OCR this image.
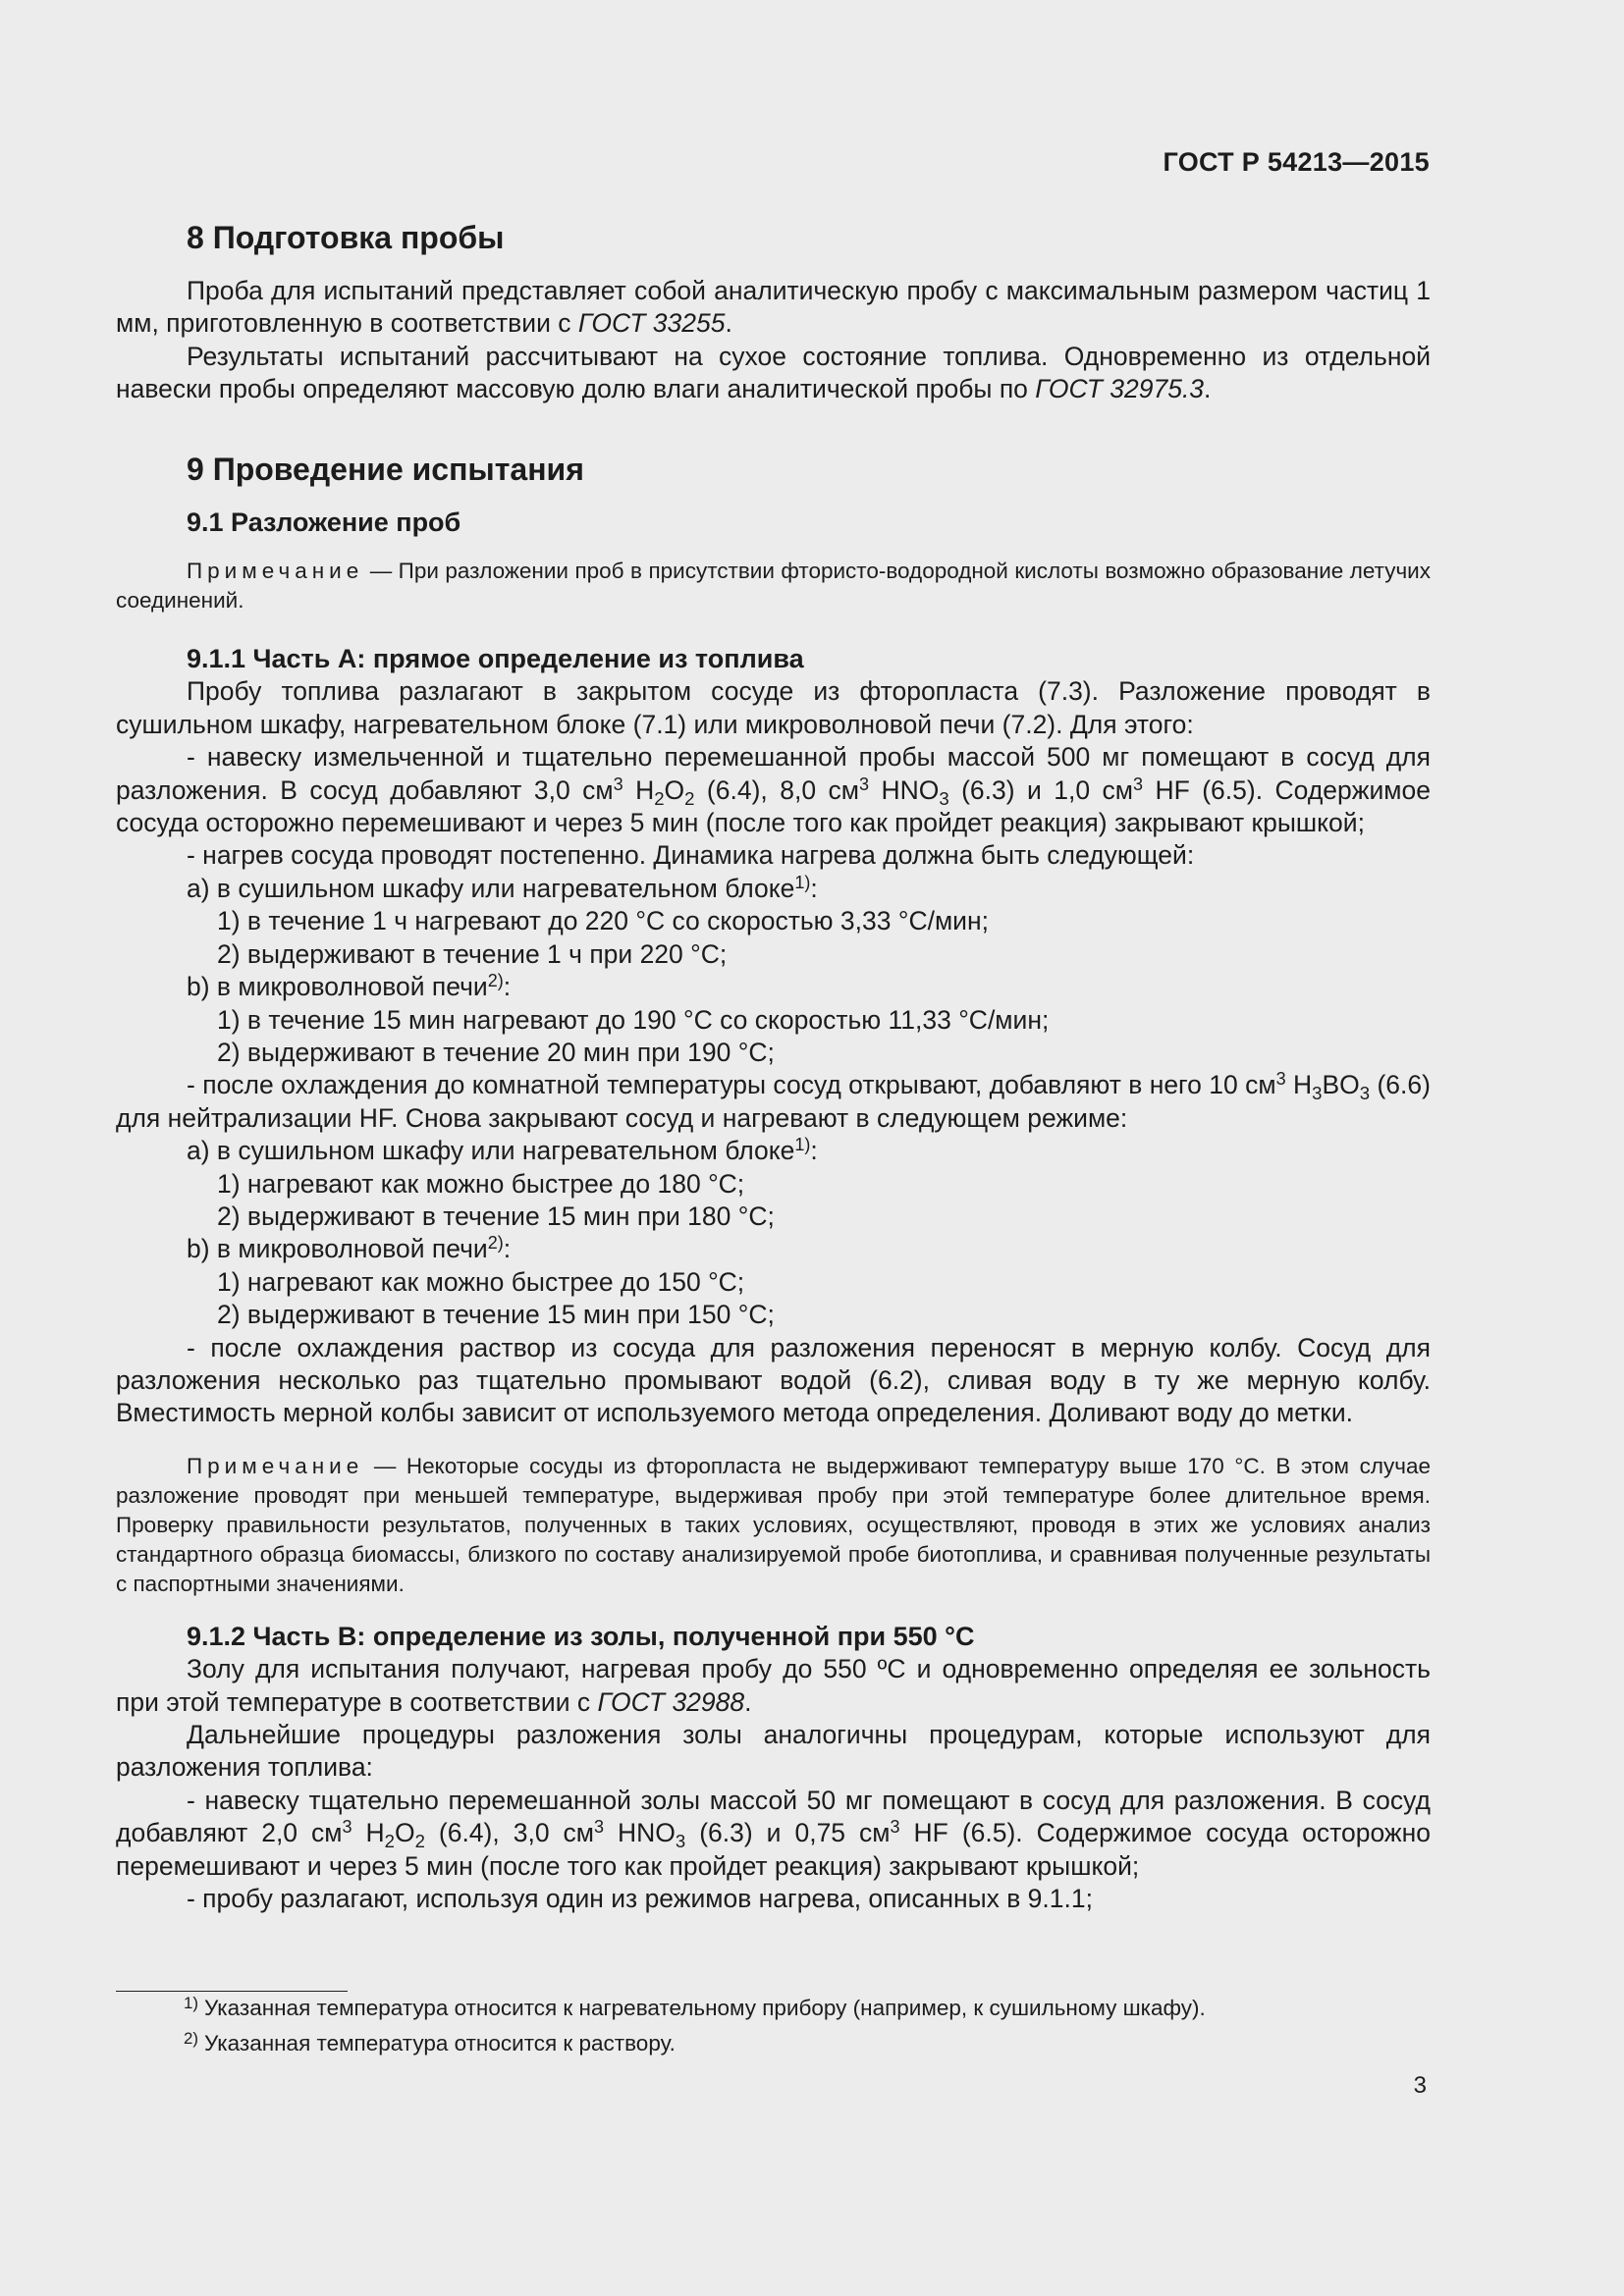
ГОСТ Р 54213—2015
8 Подготовка пробы

Проба для испытаний представляет собой аналитическую пробу с максимальным размером частиц 1 мм, приготовленную в соответствии с ГОСТ 33255.

Результаты испытаний рассчитывают на сухое состояние топлива. Одновременно из отдельной навески пробы определяют массовую долю влаги аналитической пробы по ГОСТ 32975.3.

9 Проведение испытания
9.1 Разложение проб

Примечание — При разложении проб в присутствии фтористо-водородной кислоты возможно образование летучих соединений.

9.1.1 Часть А: прямое определение из топлива

Пробу топлива разлагают в закрытом сосуде из фторопласта (7.3). Разложение проводят в сушильном шкафу, нагревательном блоке (7.1) или микроволновой печи (7.2). Для этого:

- навеску измельченной и тщательно перемешанной пробы массой 500 мг помещают в сосуд для разложения. В сосуд добавляют 3,0 $см^3$ $H_2O_2$ (6.4), 8,0 $см^3$ $HNO_3$ (6.3) и 1,0 $см^3$ HF (6.5). Содержимое сосуда осторожно перемешивают и через 5 мин (после того как пройдет реакция) закрывают крышкой;

- нагрев сосуда проводят постепенно. Динамика нагрева должна быть следующей:

а) в сушильном шкафу или нагревательном блоке$^{1)}$:

1) в течение 1 ч нагревают до 220 °С со скоростью 3,33 °С/мин;

2) выдерживают в течение 1 ч при 220 °С;

b) в микроволновой печи$^{2)}$:

1) в течение 15 мин нагревают до 190 °С со скоростью 11,33 °С/мин;

2) выдерживают в течение 20 мин при 190 °С;

- после охлаждения до комнатной температуры сосуд открывают, добавляют в него 10 $см^3$ $H_3BO_3$ (6.6) для нейтрализации HF. Снова закрывают сосуд и нагревают в следующем режиме:

а) в сушильном шкафу или нагревательном блоке$^{1)}$:

1) нагревают как можно быстрее до 180 °С;

2) выдерживают в течение 15 мин при 180 °С;

b) в микроволновой печи$^{2)}$:

1) нагревают как можно быстрее до 150 °С;

2) выдерживают в течение 15 мин при 150 °С;

- после охлаждения раствор из сосуда для разложения переносят в мерную колбу. Сосуд для разложения несколько раз тщательно промывают водой (6.2), сливая воду в ту же мерную колбу. Вместимость мерной колбы зависит от используемого метода определения. Доливают воду до метки.

Примечание — Некоторые сосуды из фторопласта не выдерживают температуру выше 170 °С. В этом случае разложение проводят при меньшей температуре, выдерживая пробу при этой температуре более длительное время. Проверку правильности результатов, полученных в таких условиях, осуществляют, проводя в этих же условиях анализ стандартного образца биомассы, близкого по составу анализируемой пробе биотоплива, и сравнивая полученные результаты с паспортными значениями.

9.1.2 Часть В: определение из золы, полученной при 550 °С

Золу для испытания получают, нагревая пробу до 550 ºС и одновременно определяя ее зольность при этой температуре в соответствии с ГОСТ 32988.

Дальнейшие процедуры разложения золы аналогичны процедурам, которые используют для разложения топлива:

- навеску тщательно перемешанной золы массой 50 мг помещают в сосуд для разложения. В сосуд добавляют 2,0 $см^3$ $H_2O_2$ (6.4), 3,0 $см^3$ $HNO_3$ (6.3) и 0,75 $см^3$ HF (6.5). Содержимое сосуда осторожно перемешивают и через 5 мин (после того как пройдет реакция) закрывают крышкой;

- пробу разлагают, используя один из режимов нагрева, описанных в 9.1.1;

$^{1)}$ Указанная температура относится к нагревательному прибору (например, к сушильному шкафу).
$^{2)}$ Указанная температура относится к раствору.
3
